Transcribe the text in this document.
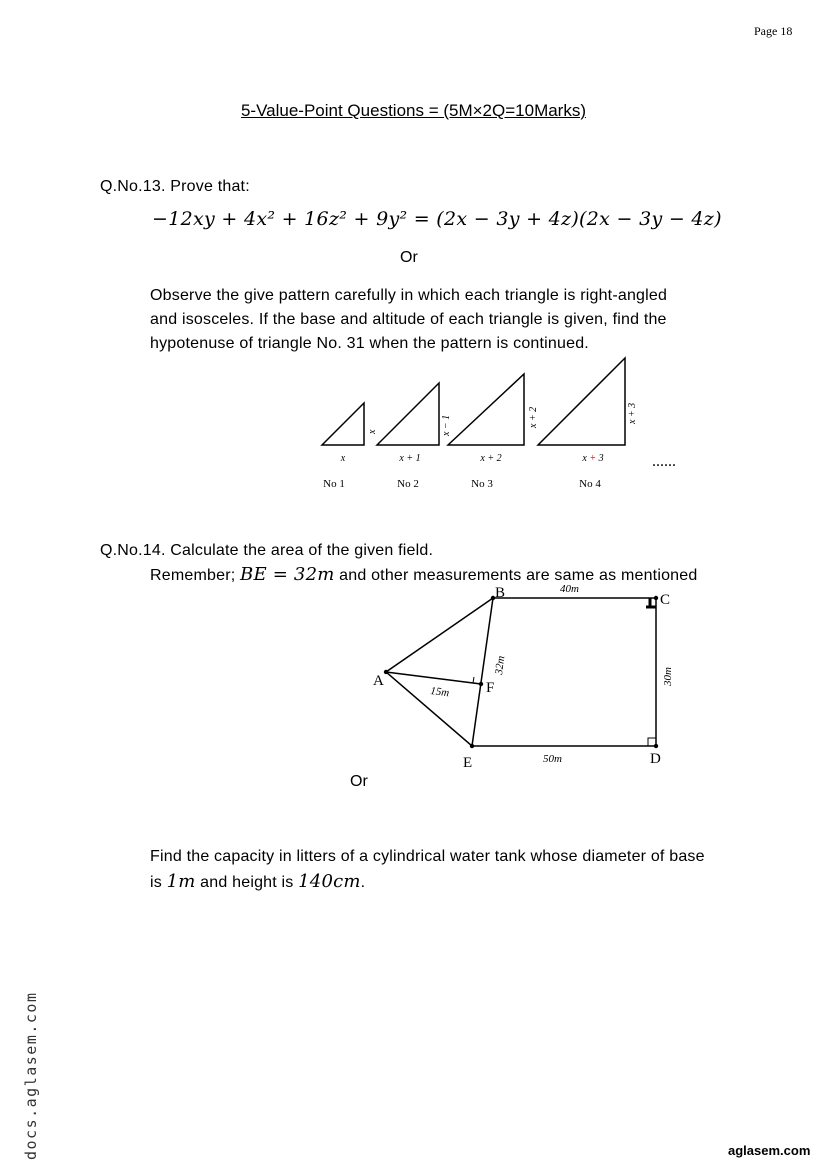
Page 18
5-Value-Point Questions = (5M×2Q=10Marks)
Q.No.13. Prove that:
−12xy + 4x² + 16z² + 9y² = (2x − 3y + 4z)(2x − 3y − 4z)
Or
Observe the give pattern carefully in which each triangle is right-angled
and isosceles. If the base and altitude of each triangle is given, find the
hypotenuse of triangle No. 31 when the pattern is continued.
x	x − 1	x + 2	x + 3
x	x + 1	x + 2	x + 3
No 1	No 2	No 3	No 4
......
Q.No.14. Calculate the area of the given field.
Remember; BE = 32m and other measurements are same as mentioned
B	C
D
E
A	F
40m
30m
50m
32m
15m
Or
Find the capacity in litters of a cylindrical water tank whose diameter of base
is 1m and height is 140cm.
docs.aglasem.com	aglasem.com
